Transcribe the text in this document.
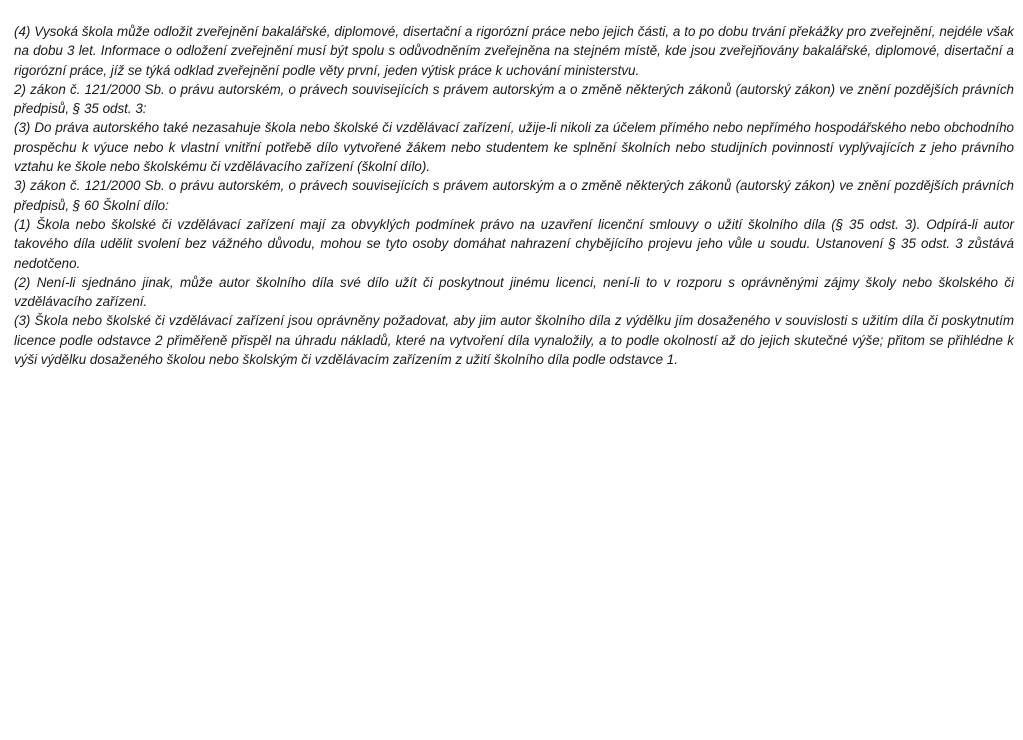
(4) Vysoká škola může odložit zveřejnění bakalářské, diplomové, disertační a rigorózní práce nebo jejich části, a to po dobu trvání překážky pro zveřejnění, nejdéle však na dobu 3 let. Informace o odložení zveřejnění musí být spolu s odůvodněním zveřejněna na stejném místě, kde jsou zveřejňovány bakalářské, diplomové, disertační a rigorózní práce, jíž se týká odklad zveřejnění podle věty první, jeden výtisk práce k uchování ministerstvu.

2) zákon č. 121/2000 Sb. o právu autorském, o právech souvisejících s právem autorským a o změně některých zákonů (autorský zákon) ve znění pozdějších právních předpisů, § 35 odst. 3:

(3) Do práva autorského také nezasahuje škola nebo školské či vzdělávací zařízení, užije-li nikoli za účelem přímého nebo nepřímého hospodářského nebo obchodního prospěchu k výuce nebo k vlastní vnitřní potřebě dílo vytvořené žákem nebo studentem ke splnění školních nebo studijních povinností vyplývajících z jeho právního vztahu ke škole nebo školskému či vzdělávacího zařízení (školní dílo).

3) zákon č. 121/2000 Sb. o právu autorském, o právech souvisejících s právem autorským a o změně některých zákonů (autorský zákon) ve znění pozdějších právních předpisů, § 60 Školní dílo:

(1) Škola nebo školské či vzdělávací zařízení mají za obvyklých podmínek právo na uzavření licenční smlouvy o užití školního díla (§ 35 odst. 3). Odpírá-li autor takového díla udělit svolení bez vážného důvodu, mohou se tyto osoby domáhat nahrazení chybějícího projevu jeho vůle u soudu. Ustanovení § 35 odst. 3 zůstává nedotčeno.

(2) Není-li sjednáno jinak, může autor školního díla své dílo užít či poskytnout jinému licenci, není-li to v rozporu s oprávněnými zájmy školy nebo školského či vzdělávacího zařízení.

(3) Škola nebo školské či vzdělávací zařízení jsou oprávněny požadovat, aby jim autor školního díla z výdělku jím dosaženého v souvislosti s užitím díla či poskytnutím licence podle odstavce 2 přiměřeně přispěl na úhradu nákladů, které na vytvoření díla vynaložily, a to podle okolností až do jejich skutečné výše; přitom se přihlédne k výši výdělku dosaženého školou nebo školským či vzdělávacím zařízením z užití školního díla podle odstavce 1.
